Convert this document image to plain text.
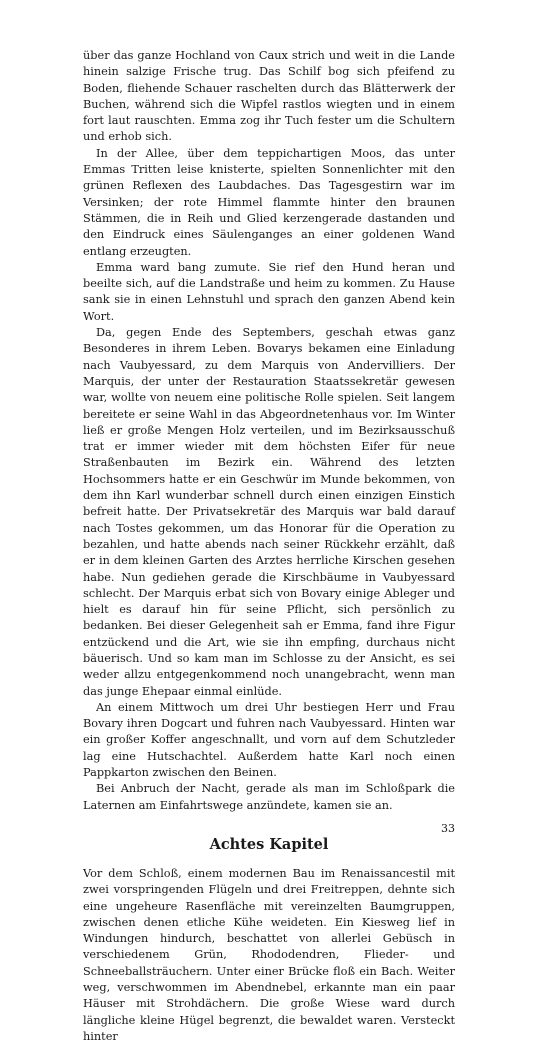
über das ganze Hochland von Caux strich und weit in die Lande hinein salzige Frische trug. Das Schilf bog sich pfeifend zu Boden, fliehende Schauer raschelten durch das Blätterwerk der Buchen, während sich die Wipfel rastlos wiegten und in einem fort laut rauschten. Emma zog ihr Tuch fester um die Schultern und erhob sich.

In der Allee, über dem teppichartigen Moos, das unter Emmas Tritten leise knisterte, spielten Sonnenlichter mit den grünen Reflexen des Laubdaches. Das Tagesgestirn war im Versinken; der rote Himmel flammte hinter den braunen Stämmen, die in Reih und Glied kerzengerade dastanden und den Eindruck eines Säulenganges an einer goldenen Wand entlang erzeugten.

Emma ward bang zumute. Sie rief den Hund heran und beeilte sich, auf die Landstraße und heim zu kommen. Zu Hause sank sie in einen Lehnstuhl und sprach den ganzen Abend kein Wort.

Da, gegen Ende des Septembers, geschah etwas ganz Besonderes in ihrem Leben. Bovarys bekamen eine Einladung nach Vaubyessard, zu dem Marquis von Andervilliers. Der Marquis, der unter der Restauration Staatssekretär gewesen war, wollte von neuem eine politische Rolle spielen. Seit langem bereitete er seine Wahl in das Abgeordnetenhaus vor. Im Winter ließ er große Mengen Holz verteilen, und im Bezirksausschuß trat er immer wieder mit dem höchsten Eifer für neue Straßenbauten im Bezirk ein. Während des letzten Hochsommers hatte er ein Geschwür im Munde bekommen, von dem ihn Karl wunderbar schnell durch einen einzigen Einstich befreit hatte. Der Privatsekretär des Marquis war bald darauf nach Tostes gekommen, um das Honorar für die Operation zu bezahlen, und hatte abends nach seiner Rückkehr erzählt, daß er in dem kleinen Garten des Arztes herrliche Kirschen gesehen habe. Nun gediehen gerade die Kirschbäume in Vaubyessard schlecht. Der Marquis erbat sich von Bovary einige Ableger und hielt es darauf hin für seine Pflicht, sich persönlich zu bedanken. Bei dieser Gelegenheit sah er Emma, fand ihre Figur entzückend und die Art, wie sie ihn empfing, durchaus nicht bäuerisch. Und so kam man im Schlosse zu der Ansicht, es sei weder allzu entgegenkommend noch unangebracht, wenn man das junge Ehepaar einmal einlüde.

An einem Mittwoch um drei Uhr bestiegen Herr und Frau Bovary ihren Dogcart und fuhren nach Vaubyessard. Hinten war ein großer Koffer angeschnallt, und vorn auf dem Schutzleder lag eine Hutschachtel. Außerdem hatte Karl noch einen Pappkarton zwischen den Beinen.

Bei Anbruch der Nacht, gerade als man im Schloßpark die Laternen am Einfahrtswege anzündete, kamen sie an.

Achtes Kapitel

Vor dem Schloß, einem modernen Bau im Renaissancestil mit zwei vorspringenden Flügeln und drei Freitreppen, dehnte sich eine ungeheure Rasenfläche mit vereinzelten Baumgruppen, zwischen denen etliche Kühe weideten. Ein Kiesweg lief in Windungen hindurch, beschattet von allerlei Gebüsch in verschiedenem Grün, Rhododendren, Flieder- und Schneeballsträuchern. Unter einer Brücke floß ein Bach. Weiter weg, verschwommen im Abendnebel, erkannte man ein paar Häuser mit Strohdächern. Die große Wiese ward durch längliche kleine Hügel begrenzt, die bewaldet waren. Versteckt hinter

33
